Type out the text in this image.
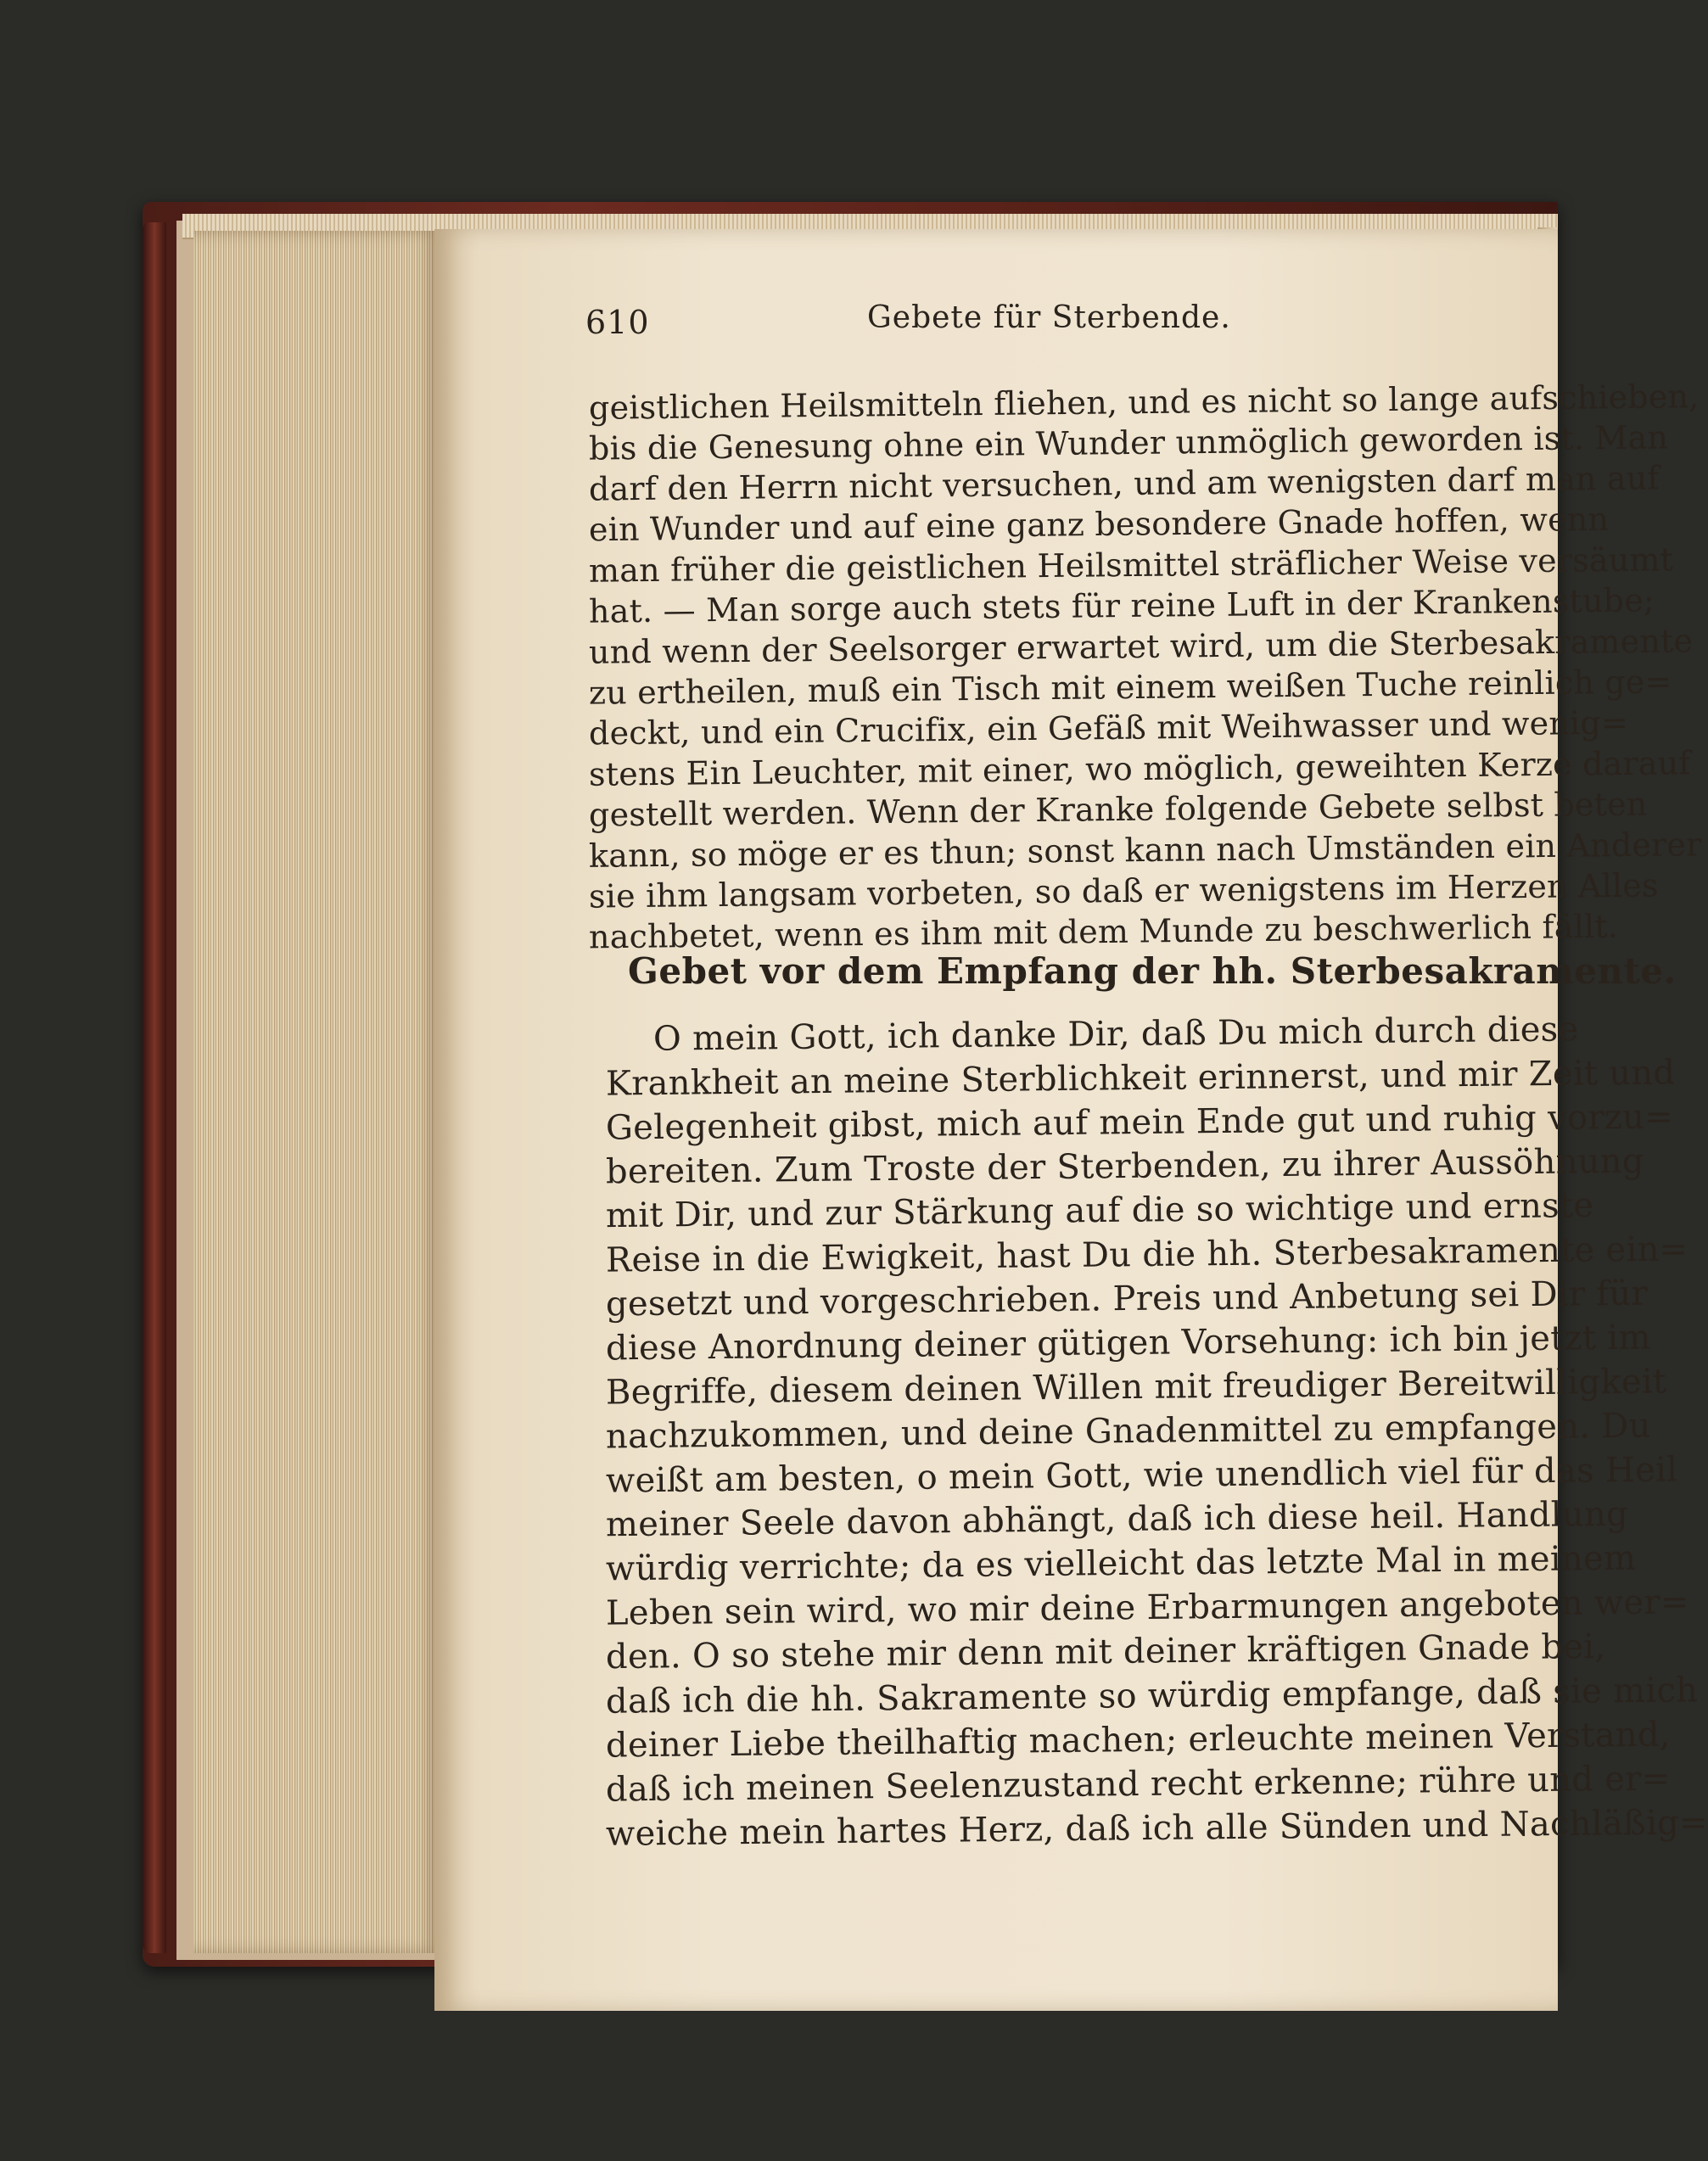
610	Gebete für Sterbende.
geistlichen Heilsmitteln fliehen, und es nicht so lange aufschieben,
bis die Genesung ohne ein Wunder unmöglich geworden ist. Man
darf den Herrn nicht versuchen, und am wenigsten darf man auf
ein Wunder und auf eine ganz besondere Gnade hoffen, wenn
man früher die geistlichen Heilsmittel sträflicher Weise versäumt
hat. — Man sorge auch stets für reine Luft in der Krankenstube;
und wenn der Seelsorger erwartet wird, um die Sterbesakramente
zu ertheilen, muß ein Tisch mit einem weißen Tuche reinlich ge=
deckt, und ein Crucifix, ein Gefäß mit Weihwasser und wenig=
stens Ein Leuchter, mit einer, wo möglich, geweihten Kerze darauf
gestellt werden. Wenn der Kranke folgende Gebete selbst beten
kann, so möge er es thun; sonst kann nach Umständen ein Anderer
sie ihm langsam vorbeten, so daß er wenigstens im Herzen Alles
nachbetet, wenn es ihm mit dem Munde zu beschwerlich fällt.
Gebet vor dem Empfang der hh. Sterbesakramente.
O mein Gott, ich danke Dir, daß Du mich durch diese
Krankheit an meine Sterblichkeit erinnerst, und mir Zeit und
Gelegenheit gibst, mich auf mein Ende gut und ruhig vorzu=
bereiten. Zum Troste der Sterbenden, zu ihrer Aussöhnung
mit Dir, und zur Stärkung auf die so wichtige und ernste
Reise in die Ewigkeit, hast Du die hh. Sterbesakramente ein=
gesetzt und vorgeschrieben. Preis und Anbetung sei Dir für
diese Anordnung deiner gütigen Vorsehung: ich bin jetzt im
Begriffe, diesem deinen Willen mit freudiger Bereitwilligkeit
nachzukommen, und deine Gnadenmittel zu empfangen. Du
weißt am besten, o mein Gott, wie unendlich viel für das Heil
meiner Seele davon abhängt, daß ich diese heil. Handlung
würdig verrichte; da es vielleicht das letzte Mal in meinem
Leben sein wird, wo mir deine Erbarmungen angeboten wer=
den. O so stehe mir denn mit deiner kräftigen Gnade bei,
daß ich die hh. Sakramente so würdig empfange, daß sie mich
deiner Liebe theilhaftig machen; erleuchte meinen Verstand,
daß ich meinen Seelenzustand recht erkenne; rühre und er=
weiche mein hartes Herz, daß ich alle Sünden und Nachläßig=
